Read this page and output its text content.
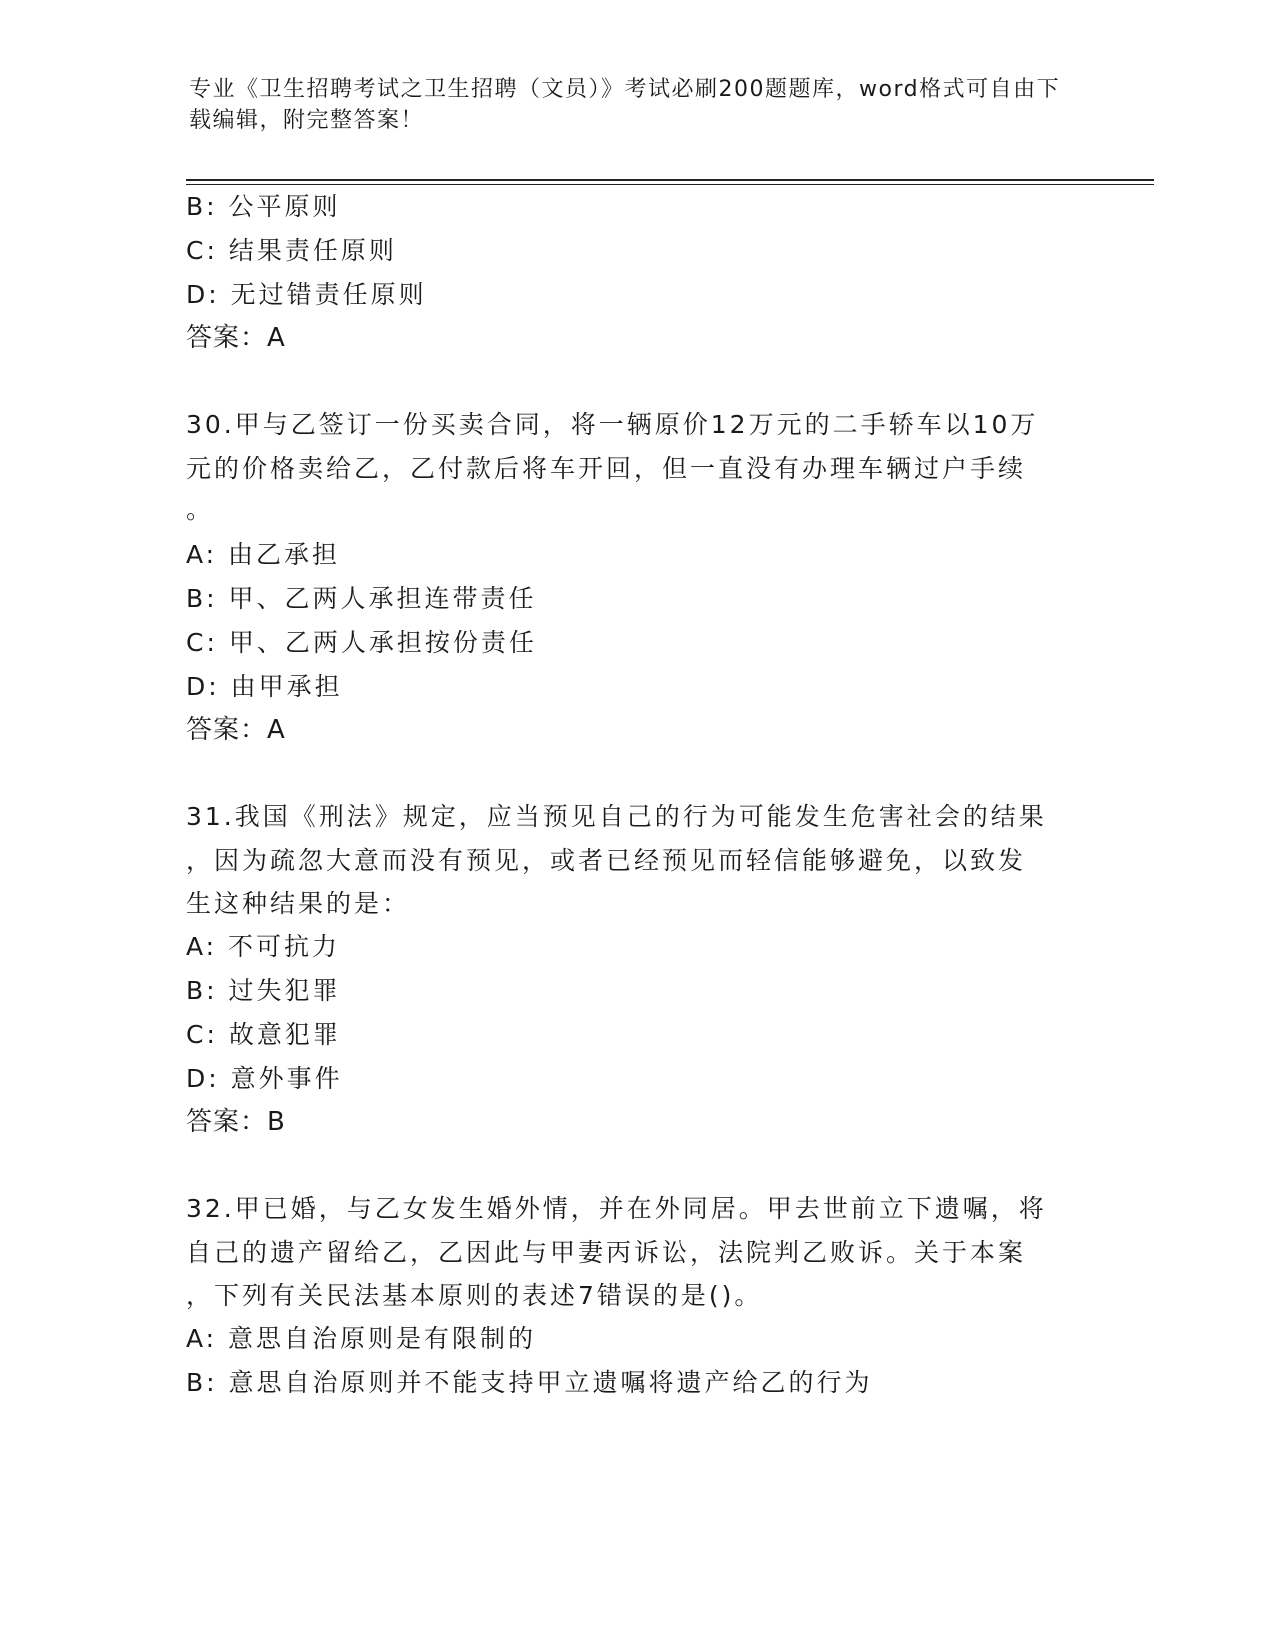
专业《卫生招聘考试之卫生招聘（文员）》考试必刷200题题库，word格式可自由下载编辑，附完整答案！
B: 公平原则
C: 结果责任原则
D: 无过错责任原则
答案：A
30.甲与乙签订一份买卖合同，将一辆原价12万元的二手轿车以10万
元的价格卖给乙，乙付款后将车开回，但一直没有办理车辆过户手续
。
A: 由乙承担
B: 甲、乙两人承担连带责任
C: 甲、乙两人承担按份责任
D: 由甲承担
答案：A
31.我国《刑法》规定，应当预见自己的行为可能发生危害社会的结果
，因为疏忽大意而没有预见，或者已经预见而轻信能够避免，以致发
生这种结果的是：
A: 不可抗力
B: 过失犯罪
C: 故意犯罪
D: 意外事件
答案：B
32.甲已婚，与乙女发生婚外情，并在外同居。甲去世前立下遗嘱，将
自己的遗产留给乙，乙因此与甲妻丙诉讼，法院判乙败诉。关于本案
，下列有关民法基本原则的表述7错误的是()。
A: 意思自治原则是有限制的
B: 意思自治原则并不能支持甲立遗嘱将遗产给乙的行为
